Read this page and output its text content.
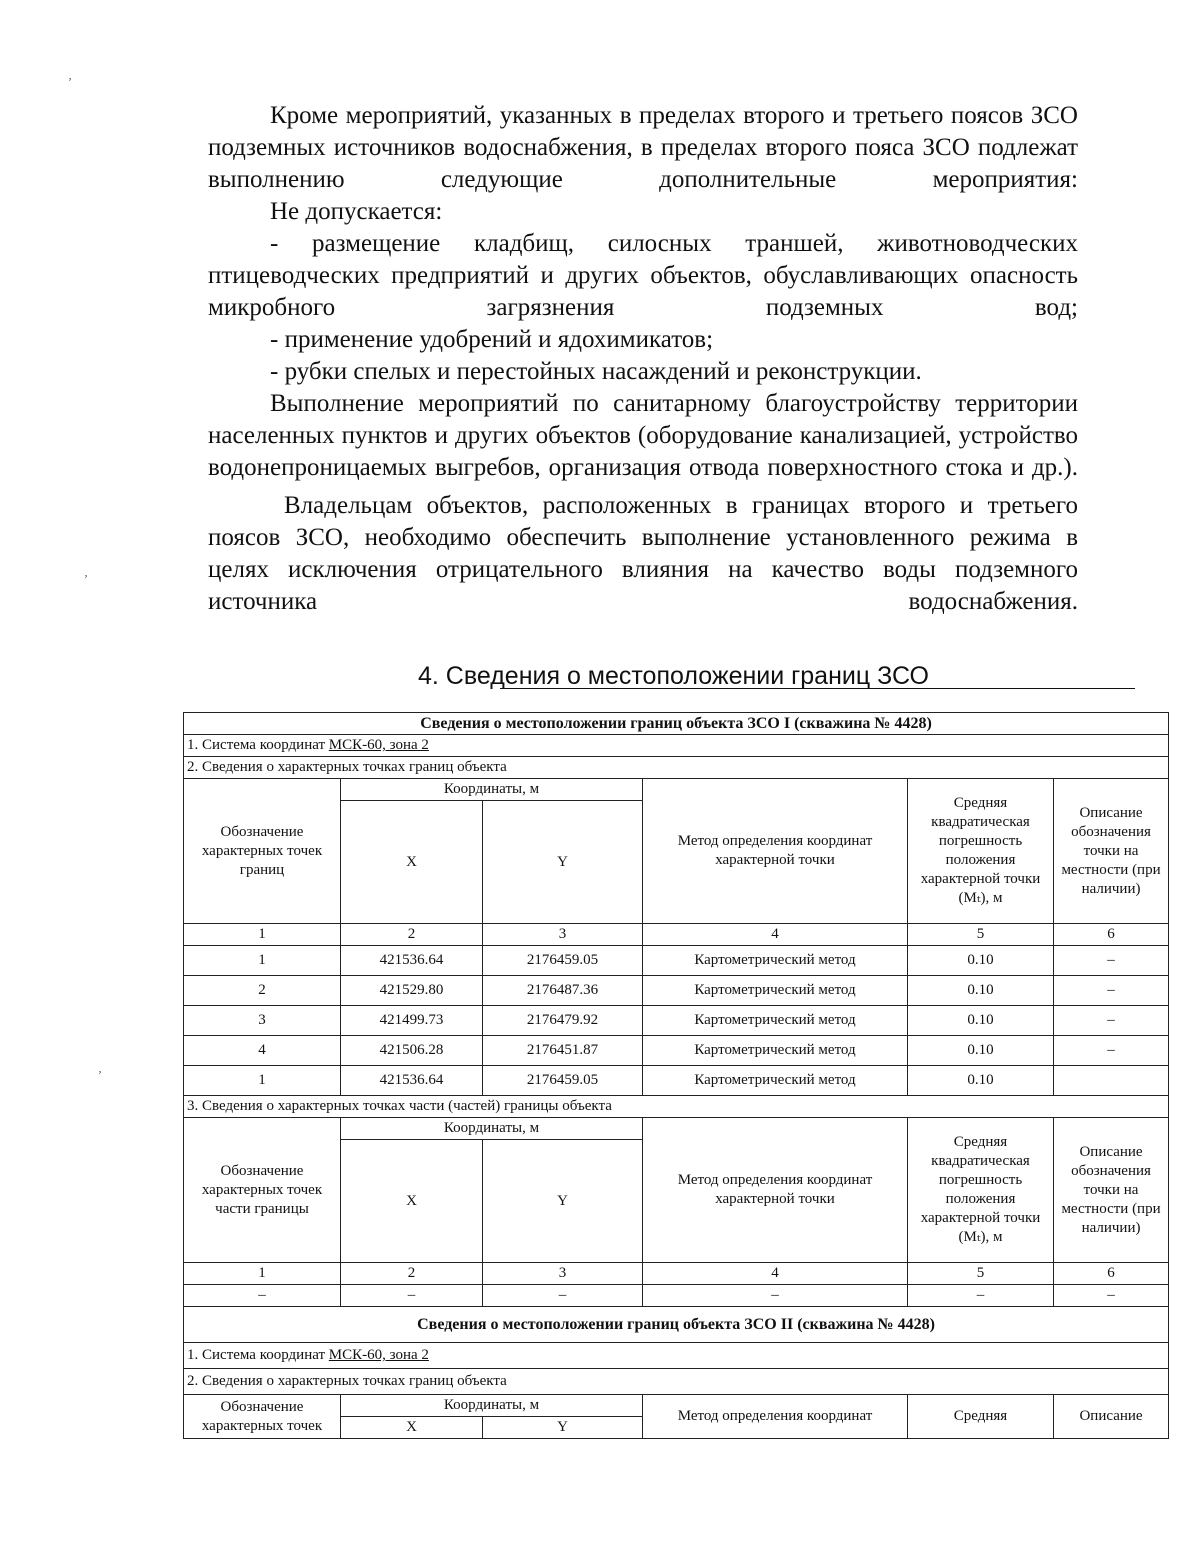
Кроме мероприятий, указанных в пределах второго и третьего поясов ЗСО подземных источников водоснабжения, в пределах второго пояса ЗСО подлежат выполнению следующие дополнительные мероприятия:

Не допускается:

- размещение кладбищ, силосных траншей, животноводческих птицеводческих предприятий и других объектов, обуславливающих опасность микробного загрязнения подземных вод;

- применение удобрений и ядохимикатов;

- рубки спелых и перестойных насаждений и реконструкции.

Выполнение мероприятий по санитарному благоустройству территории населенных пунктов и других объектов (оборудование канализацией, устройство водонепроницаемых выгребов, организация отвода поверхностного стока и др.).

Владельцам объектов, расположенных в границах второго и третьего поясов ЗСО, необходимо обеспечить выполнение установленного режима в целях исключения отрицательного влияния на качество воды подземного источника водоснабжения.

4. Сведения о местоположении границ ЗСО
Сведения о местоположении границ объекта ЗСО I (скважина № 4428)					
1. Система координат МСК-60, зона 2					
2. Сведения о характерных точках границ объекта					
Обозначение характерных точек границ	Координаты, м		Метод определения координат характерной точки	Средняя квадратическая погрешность положения характерной точки (Mₜ), м	Описание обозначения точки на местности (при наличии)
	X	Y			
1	2	3	4	5	6
1	421536.64	2176459.05	Картометрический метод	0.10	–
2	421529.80	2176487.36	Картометрический метод	0.10	–
3	421499.73	2176479.92	Картометрический метод	0.10	–
4	421506.28	2176451.87	Картометрический метод	0.10	–
1	421536.64	2176459.05	Картометрический метод	0.10	
3. Сведения о характерных точках части (частей) границы объекта					
Обозначение характерных точек части границы	Координаты, м		Метод определения координат характерной точки	Средняя квадратическая погрешность положения характерной точки (Mₜ), м	Описание обозначения точки на местности (при наличии)
	X	Y			
1	2	3	4	5	6
–	–	–	–	–	–
Сведения о местоположении границ объекта ЗСО II (скважина № 4428)					
1. Система координат МСК-60, зона 2					
2. Сведения о характерных точках границ объекта					
Обозначение характерных точек	Координаты, м		Метод определения координат	Средняя	Описание
	X	Y			
ʼ
ʼ
ʼ
